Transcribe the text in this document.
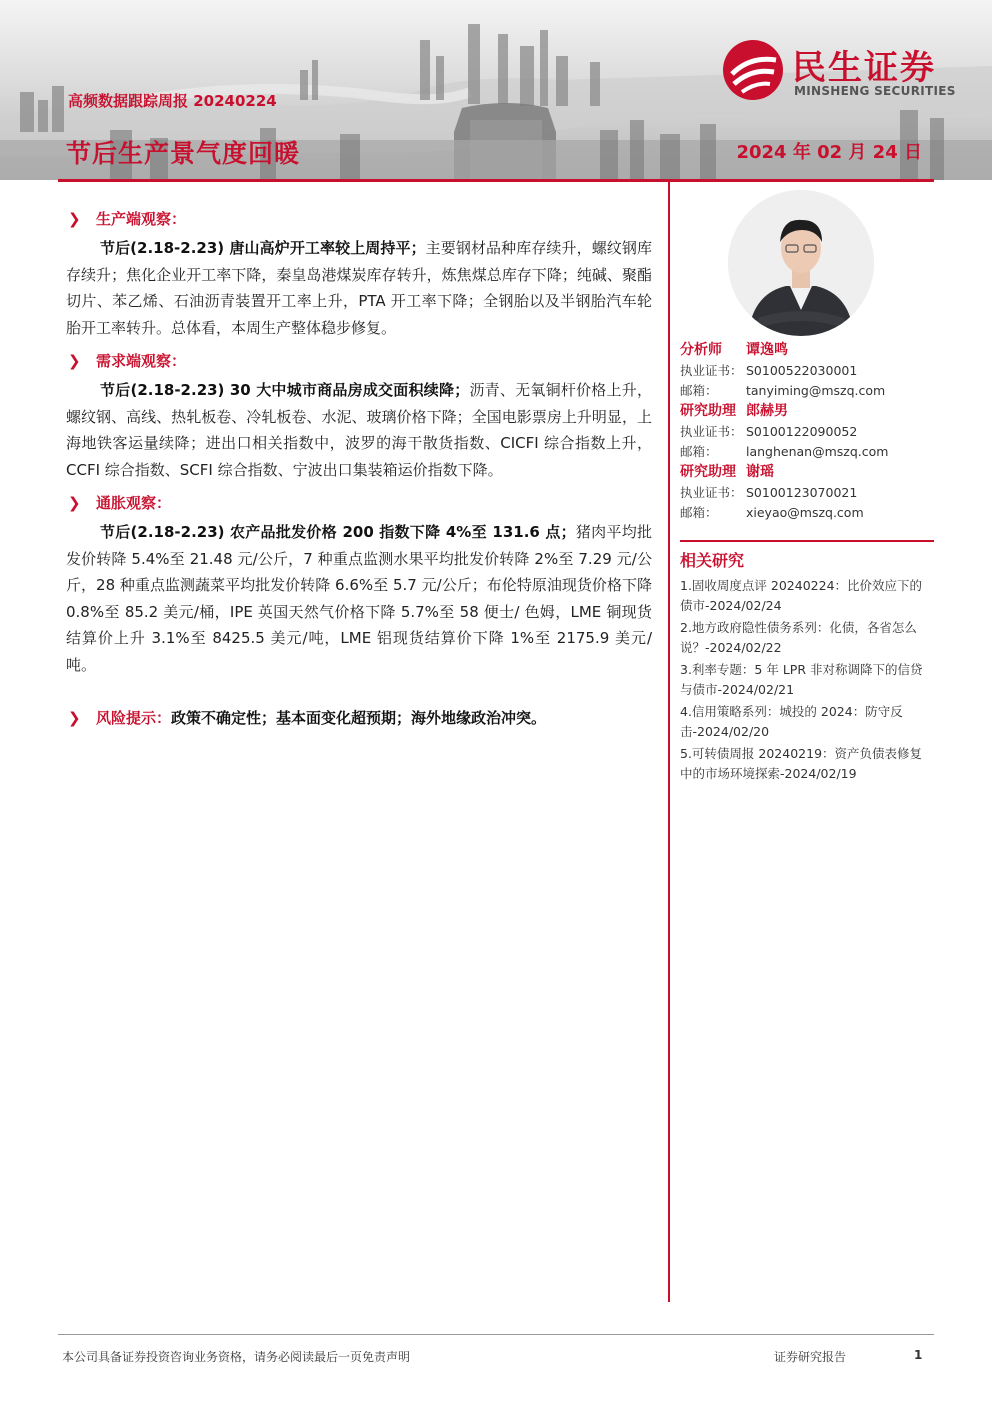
民生证券
MINSHENG SECURITIES
高频数据跟踪周报 20240224
节后生产景气度回暖	2024 年 02 月 24 日
❯ 生产端观察：
节后(2.18-2.23) 唐山高炉开工率较上周持平；主要钢材品种库存续升，螺纹钢库存续升；焦化企业开工率下降，秦皇岛港煤炭库存转升，炼焦煤总库存下降；纯碱、聚酯切片、苯乙烯、石油沥青装置开工率上升，PTA 开工率下降；全钢胎以及半钢胎汽车轮胎开工率转升。总体看，本周生产整体稳步修复。
❯ 需求端观察：
节后(2.18-2.23) 30 大中城市商品房成交面积续降；沥青、无氧铜杆价格上升，螺纹钢、高线、热轧板卷、冷轧板卷、水泥、玻璃价格下降；全国电影票房上升明显，上海地铁客运量续降；进出口相关指数中，波罗的海干散货指数、CICFI 综合指数上升，CCFI 综合指数、SCFI 综合指数、宁波出口集装箱运价指数下降。
❯ 通胀观察：
节后(2.18-2.23) 农产品批发价格 200 指数下降 4%至 131.6 点；猪肉平均批发价转降 5.4%至 21.48 元/公斤，7 种重点监测水果平均批发价转降 2%至 7.29 元/公斤，28 种重点监测蔬菜平均批发价转降 6.6%至 5.7 元/公斤；布伦特原油现货价格下降 0.8%至 85.2 美元/桶，IPE 英国天然气价格下降 5.7%至 58 便士/ 色姆，LME 铜现货结算价上升 3.1%至 8425.5 美元/吨，LME 铝现货结算价下降 1%至 2175.9 美元/吨。
❯ 风险提示：政策不确定性；基本面变化超预期；海外地缘政治冲突。
分析师 谭逸鸣
执业证书： S0100522030001
邮箱： tanyiming@mszq.com
研究助理 郎赫男
执业证书： S0100122090052
邮箱： langhenan@mszq.com
研究助理 谢瑶
执业证书： S0100123070021
邮箱： xieyao@mszq.com
相关研究
1.固收周度点评 20240224：比价效应下的债市-2024/02/24
2.地方政府隐性债务系列：化债，各省怎么说？-2024/02/22
3.利率专题：5 年 LPR 非对称调降下的信贷与债市-2024/02/21
4.信用策略系列：城投的 2024：防守反击-2024/02/20
5.可转债周报 20240219：资产负债表修复中的市场环境探索-2024/02/19
本公司具备证券投资咨询业务资格，请务必阅读最后一页免责声明	证券研究报告	1
